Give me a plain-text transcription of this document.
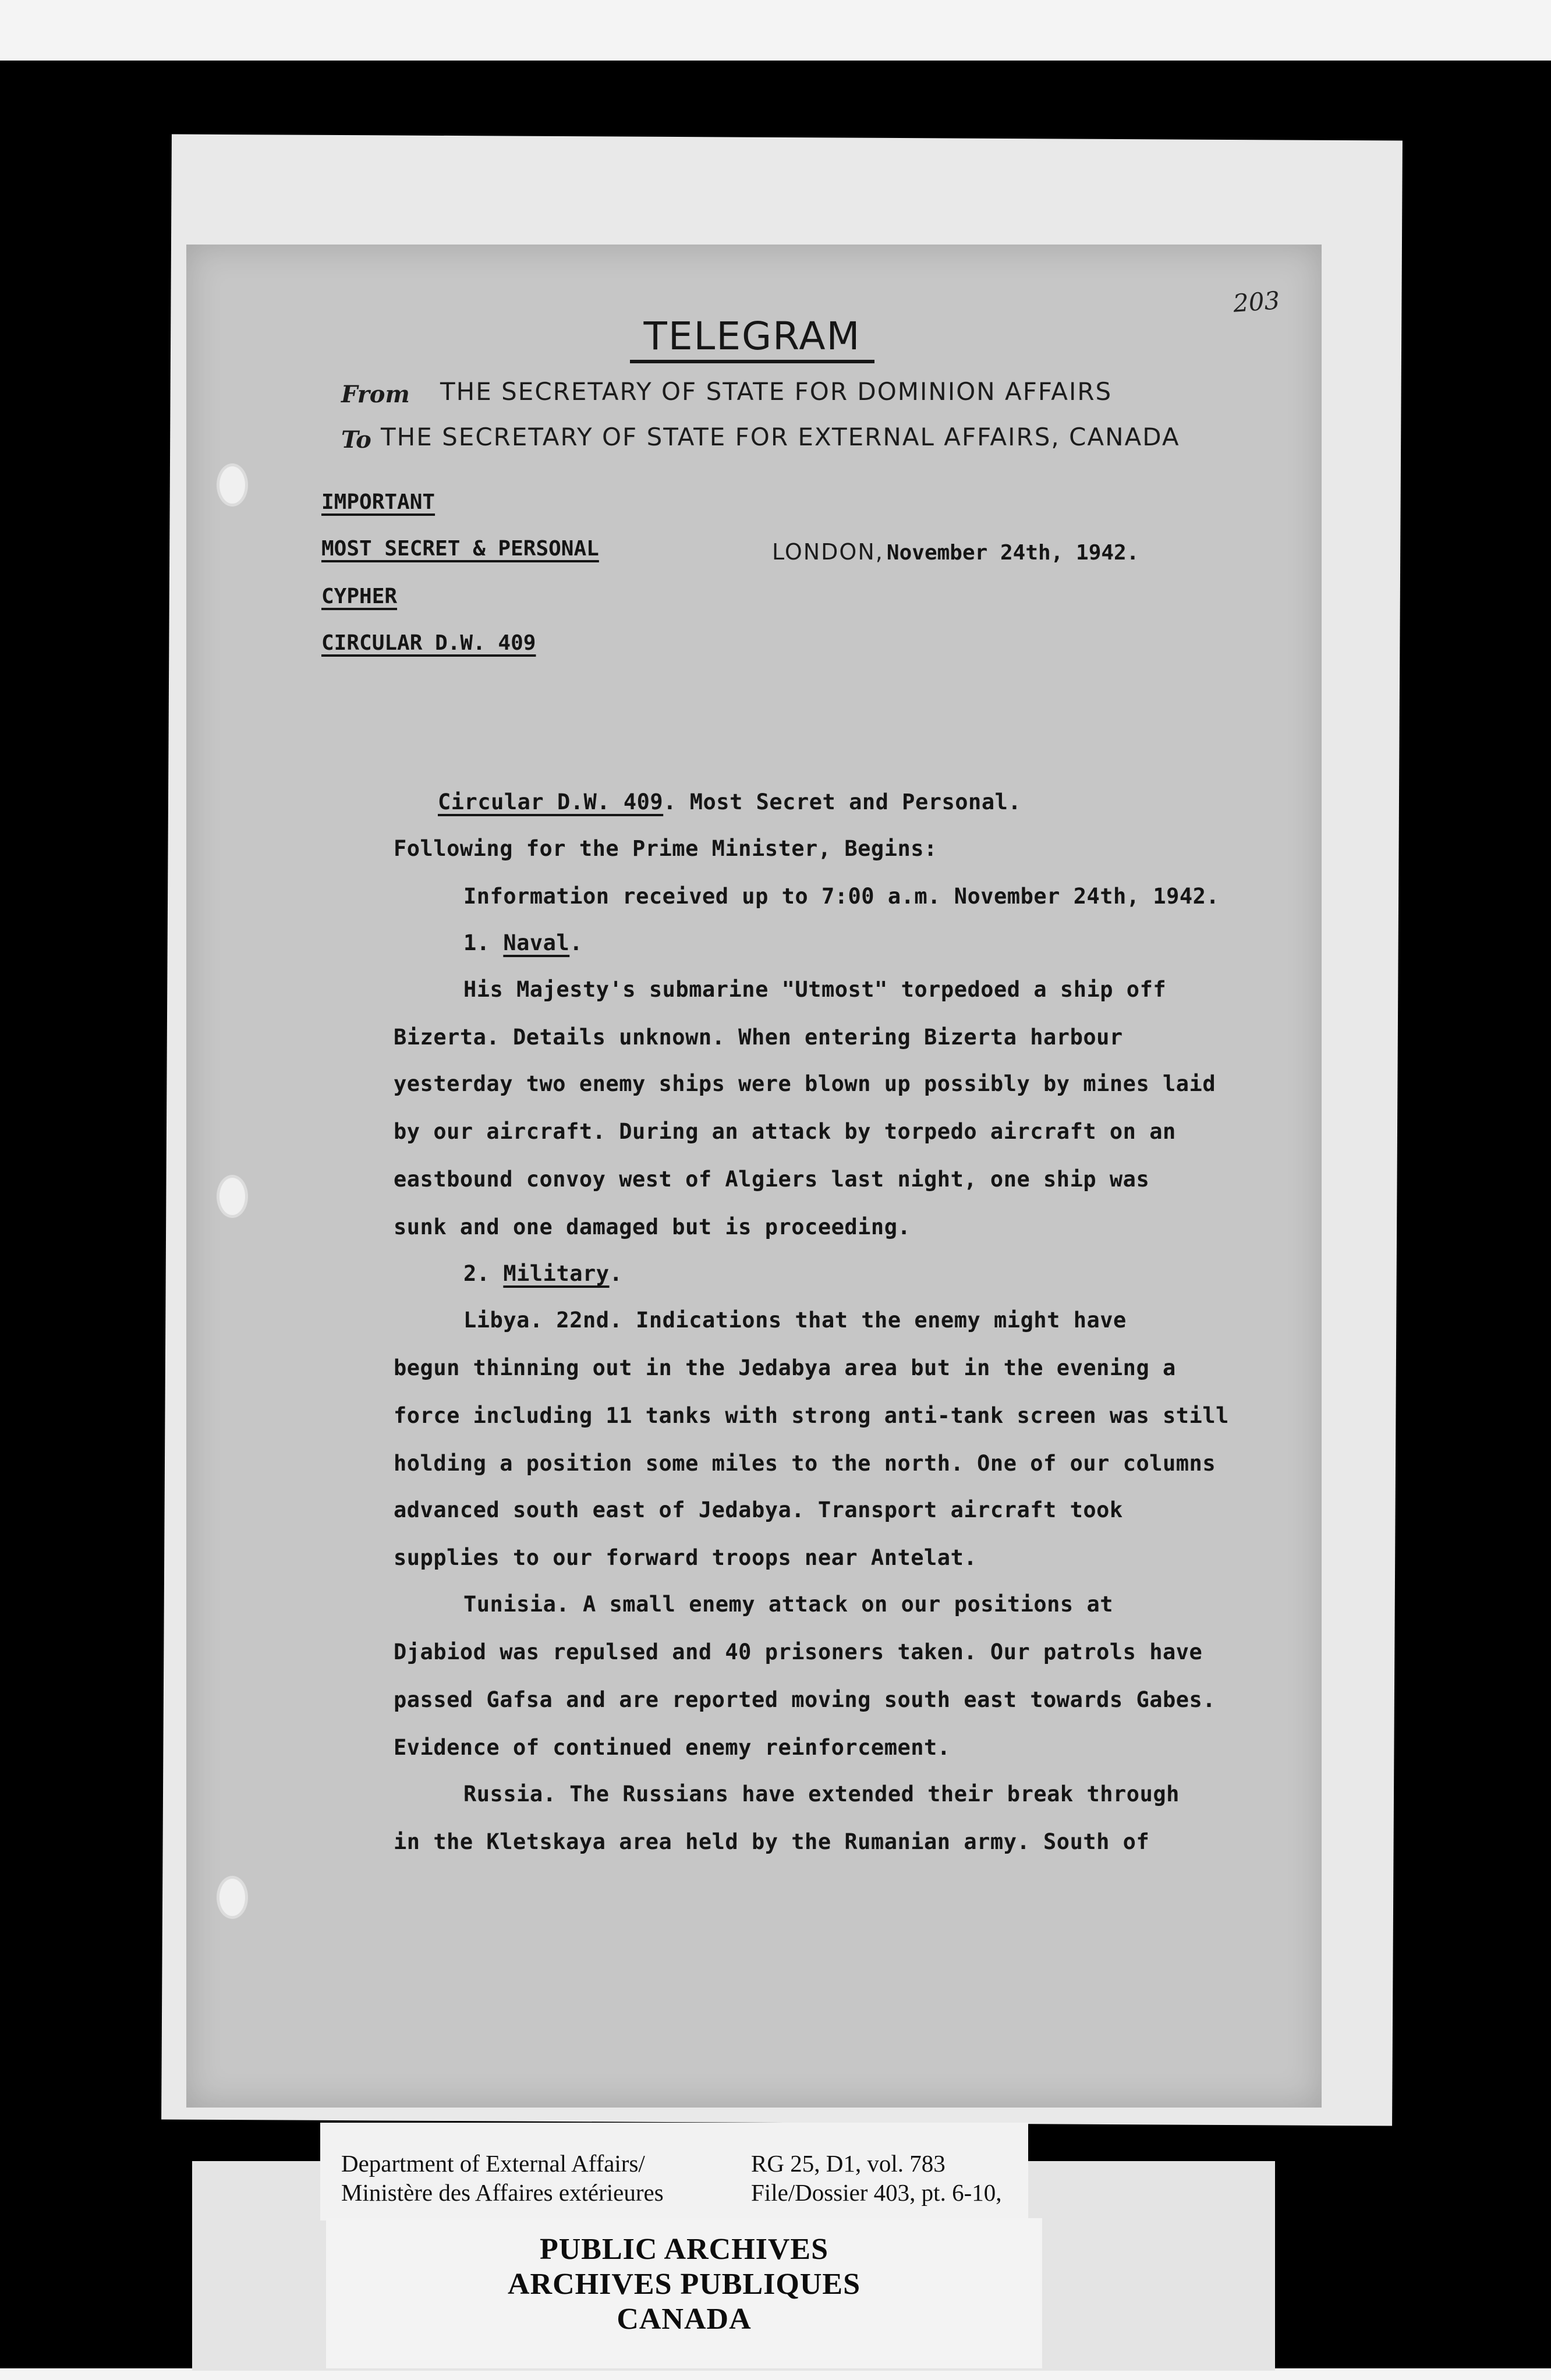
203
TELEGRAM
From THE SECRETARY OF STATE FOR DOMINION AFFAIRS
To THE SECRETARY OF STATE FOR EXTERNAL AFFAIRS, CANADA
IMPORTANT
MOST SECRET & PERSONAL
CYPHER
CIRCULAR D.W. 409
LONDON, November 24th, 1942.
Circular D.W. 409. Most Secret and Personal.
Following for the Prime Minister, Begins:
Information received up to 7:00 a.m. November 24th, 1942.
1. Naval.
His Majesty's submarine "Utmost" torpedoed a ship off
Bizerta. Details unknown. When entering Bizerta harbour
yesterday two enemy ships were blown up possibly by mines laid
by our aircraft. During an attack by torpedo aircraft on an
eastbound convoy west of Algiers last night, one ship was
sunk and one damaged but is proceeding.
2. Military.
Libya. 22nd. Indications that the enemy might have
begun thinning out in the Jedabya area but in the evening a
force including 11 tanks with strong anti-tank screen was still
holding a position some miles to the north. One of our columns
advanced south east of Jedabya. Transport aircraft took
supplies to our forward troops near Antelat.
Tunisia. A small enemy attack on our positions at
Djabiod was repulsed and 40 prisoners taken. Our patrols have
passed Gafsa and are reported moving south east towards Gabes.
Evidence of continued enemy reinforcement.
Russia. The Russians have extended their break through
in the Kletskaya area held by the Rumanian army. South of
Department of External Affairs/
Ministère des Affaires extérieures
RG 25, D1, vol. 783
File/Dossier 403, pt. 6-10,
PUBLIC ARCHIVES
ARCHIVES PUBLIQUES
CANADA
